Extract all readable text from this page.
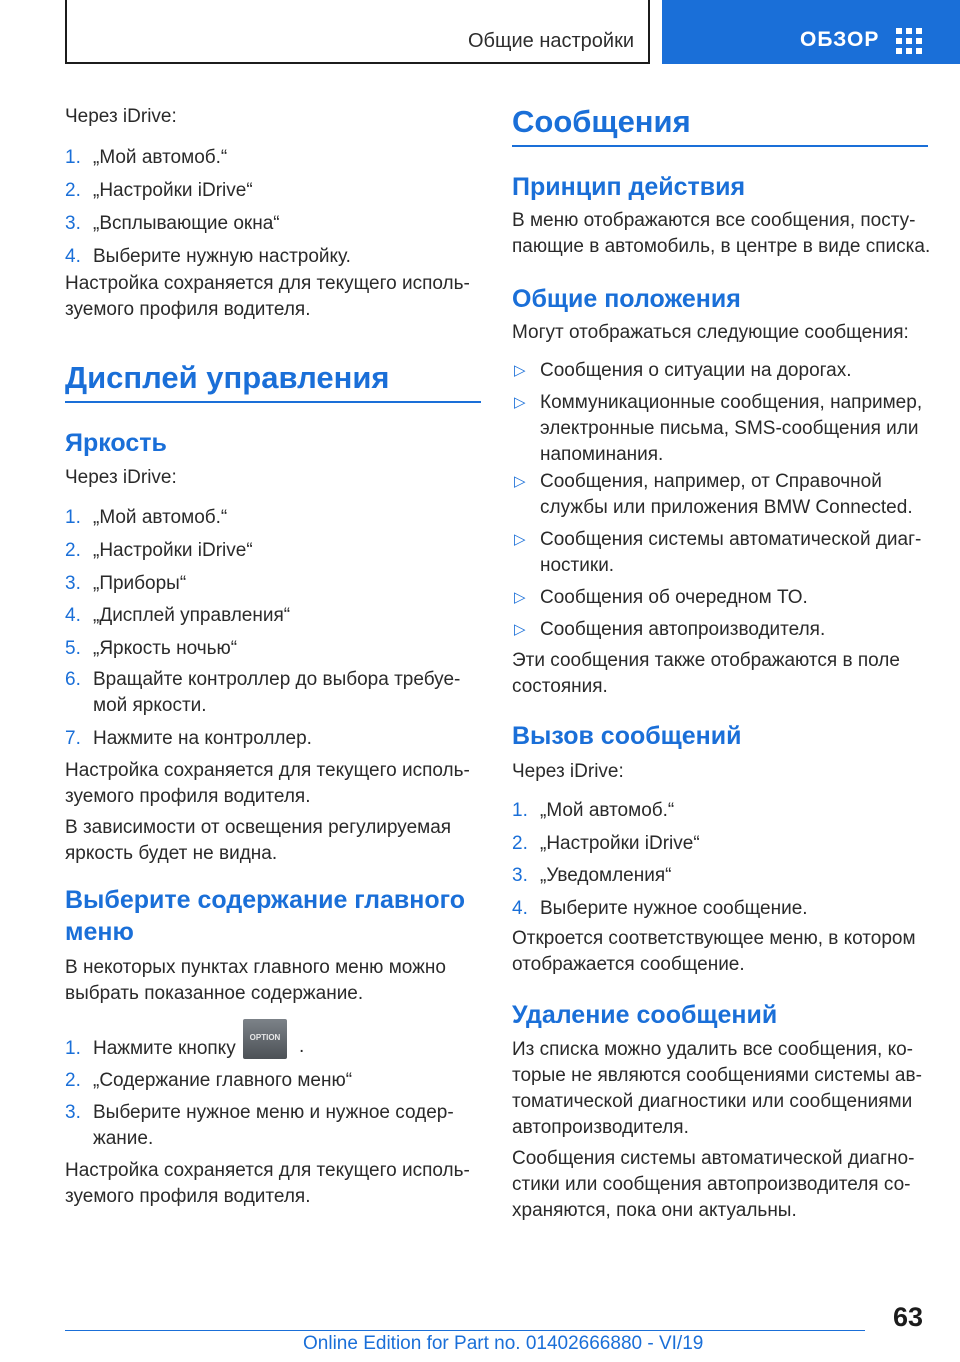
Общие настройки	ОБЗОР
Через iDrive:
1. „Мой автомоб.“
2. „Настройки iDrive“
3. „Всплывающие окна“
4. Выберите нужную настройку.
Настройка сохраняется для текущего исполь-
зуемого профиля водителя.
Дисплей управления
Яркость
Через iDrive:
1. „Мой автомоб.“
2. „Настройки iDrive“
3. „Приборы“
4. „Дисплей управления“
5. „Яркость ночью“
6. Вращайте контроллер до выбора требуе-
мой яркости.
7. Нажмите на контроллер.
Настройка сохраняется для текущего исполь-
зуемого профиля водителя.
В зависимости от освещения регулируемая
яркость будет не видна.
Выберите содержание главного
меню
В некоторых пунктах главного меню можно
выбрать показанное содержание.
1. Нажмите кнопку
OPTION .
2. „Содержание главного меню“
3. Выберите нужное меню и нужное содер-
жание.
Настройка сохраняется для текущего исполь-
зуемого профиля водителя.
Сообщения
Принцип действия
В меню отображаются все сообщения, посту-
пающие в автомобиль, в центре в виде списка.
Общие положения
Могут отображаться следующие сообщения:
▷ Сообщения о ситуации на дорогах.
▷ Коммуникационные сообщения, например,
электронные письма, SMS-сообщения или
напоминания.
▷ Сообщения, например, от Справочной
службы или приложения BMW Connected.
▷ Сообщения системы автоматической диаг-
ностики.
▷ Сообщения об очередном ТО.
▷ Сообщения автопроизводителя.
Эти сообщения также отображаются в поле
состояния.
Вызов сообщений
Через iDrive:
1. „Мой автомоб.“
2. „Настройки iDrive“
3. „Уведомления“
4. Выберите нужное сообщение.
Откроется соответствующее меню, в котором
отображается сообщение.
Удаление сообщений
Из списка можно удалить все сообщения, ко-
торые не являются сообщениями системы ав-
томатической диагностики или сообщениями
автопроизводителя.
Сообщения системы автоматической диагно-
стики или сообщения автопроизводителя со-
храняются, пока они актуальны.
63
Online Edition for Part no. 01402666880 - VI/19
